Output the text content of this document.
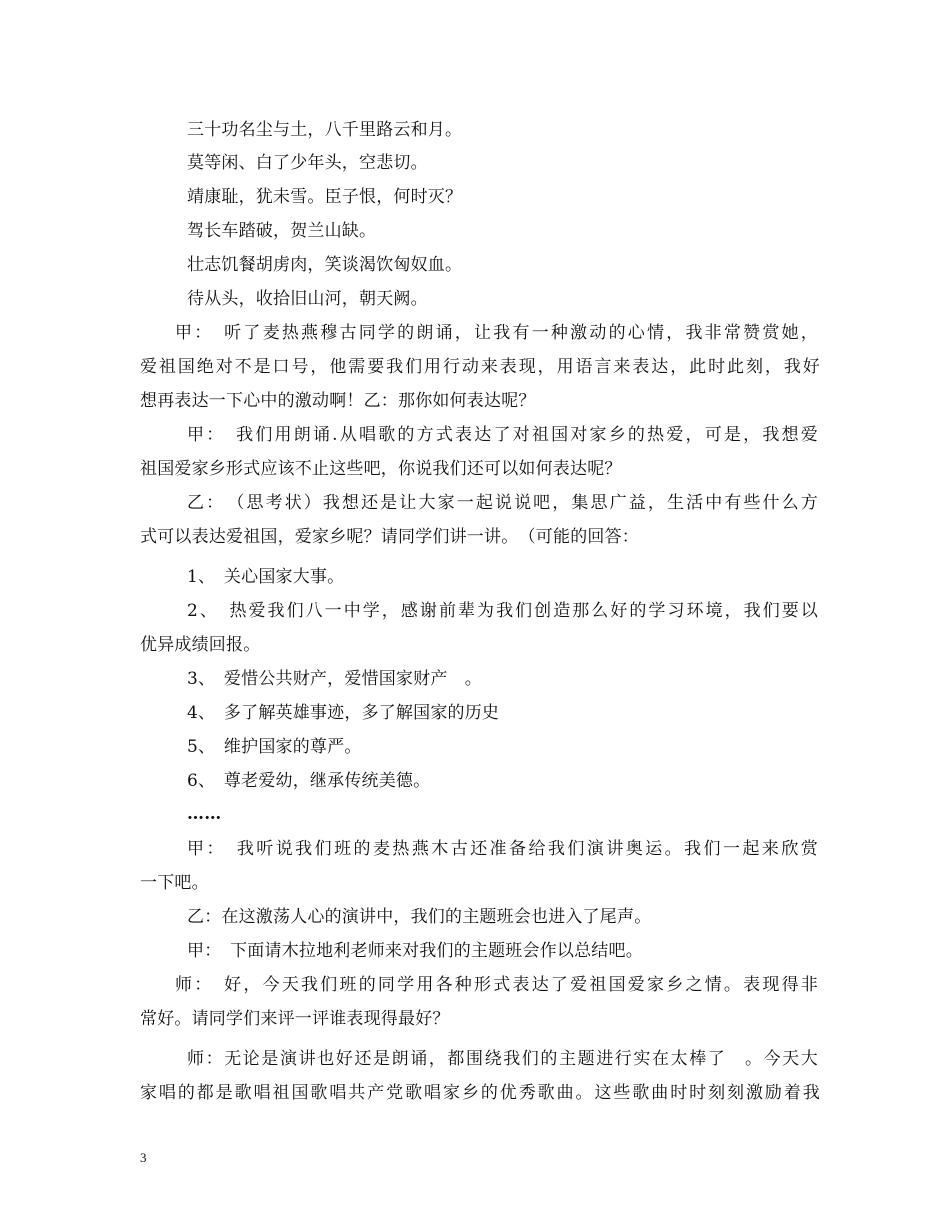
三十功名尘与土，八千里路云和月。
莫等闲、白了少年头，空悲切。
靖康耻，犹未雪。臣子恨，何时灭？
驾长车踏破，贺兰山缺。
壮志饥餐胡虏肉，笑谈渴饮匈奴血。
待从头，收拾旧山河，朝天阙。
甲：　听了麦热燕穆古同学的朗诵，让我有一种激动的心情，我非常赞赏她，
爱祖国绝对不是口号，他需要我们用行动来表现，用语言来表达，此时此刻，我好
想再表达一下心中的激动啊！乙：那你如何表达呢？
甲：　我们用朗诵.从唱歌的方式表达了对祖国对家乡的热爱，可是，我想爱
祖国爱家乡形式应该不止这些吧，你说我们还可以如何表达呢？
乙：　（思考状）我想还是让大家一起说说吧，集思广益，生活中有些什么方
式可以表达爱祖国，爱家乡呢？请同学们讲一讲。　（可能的回答：
1、　关心国家大事。
2、　热爱我们八一中学，感谢前辈为我们创造那么好的学习环境，我们要以
优异成绩回报。
3、　爱惜公共财产，爱惜国家财产　。
4、　多了解英雄事迹，多了解国家的历史
5、　维护国家的尊严。
6、　尊老爱幼，继承传统美德。
……
甲：　我听说我们班的麦热燕木古还准备给我们演讲奥运。我们一起来欣赏
一下吧。
乙：在这激荡人心的演讲中，我们的主题班会也进入了尾声。
甲：　下面请木拉地利老师来对我们的主题班会作以总结吧。
师：　好，今天我们班的同学用各种形式表达了爱祖国爱家乡之情。表现得非
常好。请同学们来评一评谁表现得最好？
师：无论是演讲也好还是朗诵，都围绕我们的主题进行实在太棒了　。今天大
家唱的都是歌唱祖国歌唱共产党歌唱家乡的优秀歌曲。这些歌曲时时刻刻激励着我
3
